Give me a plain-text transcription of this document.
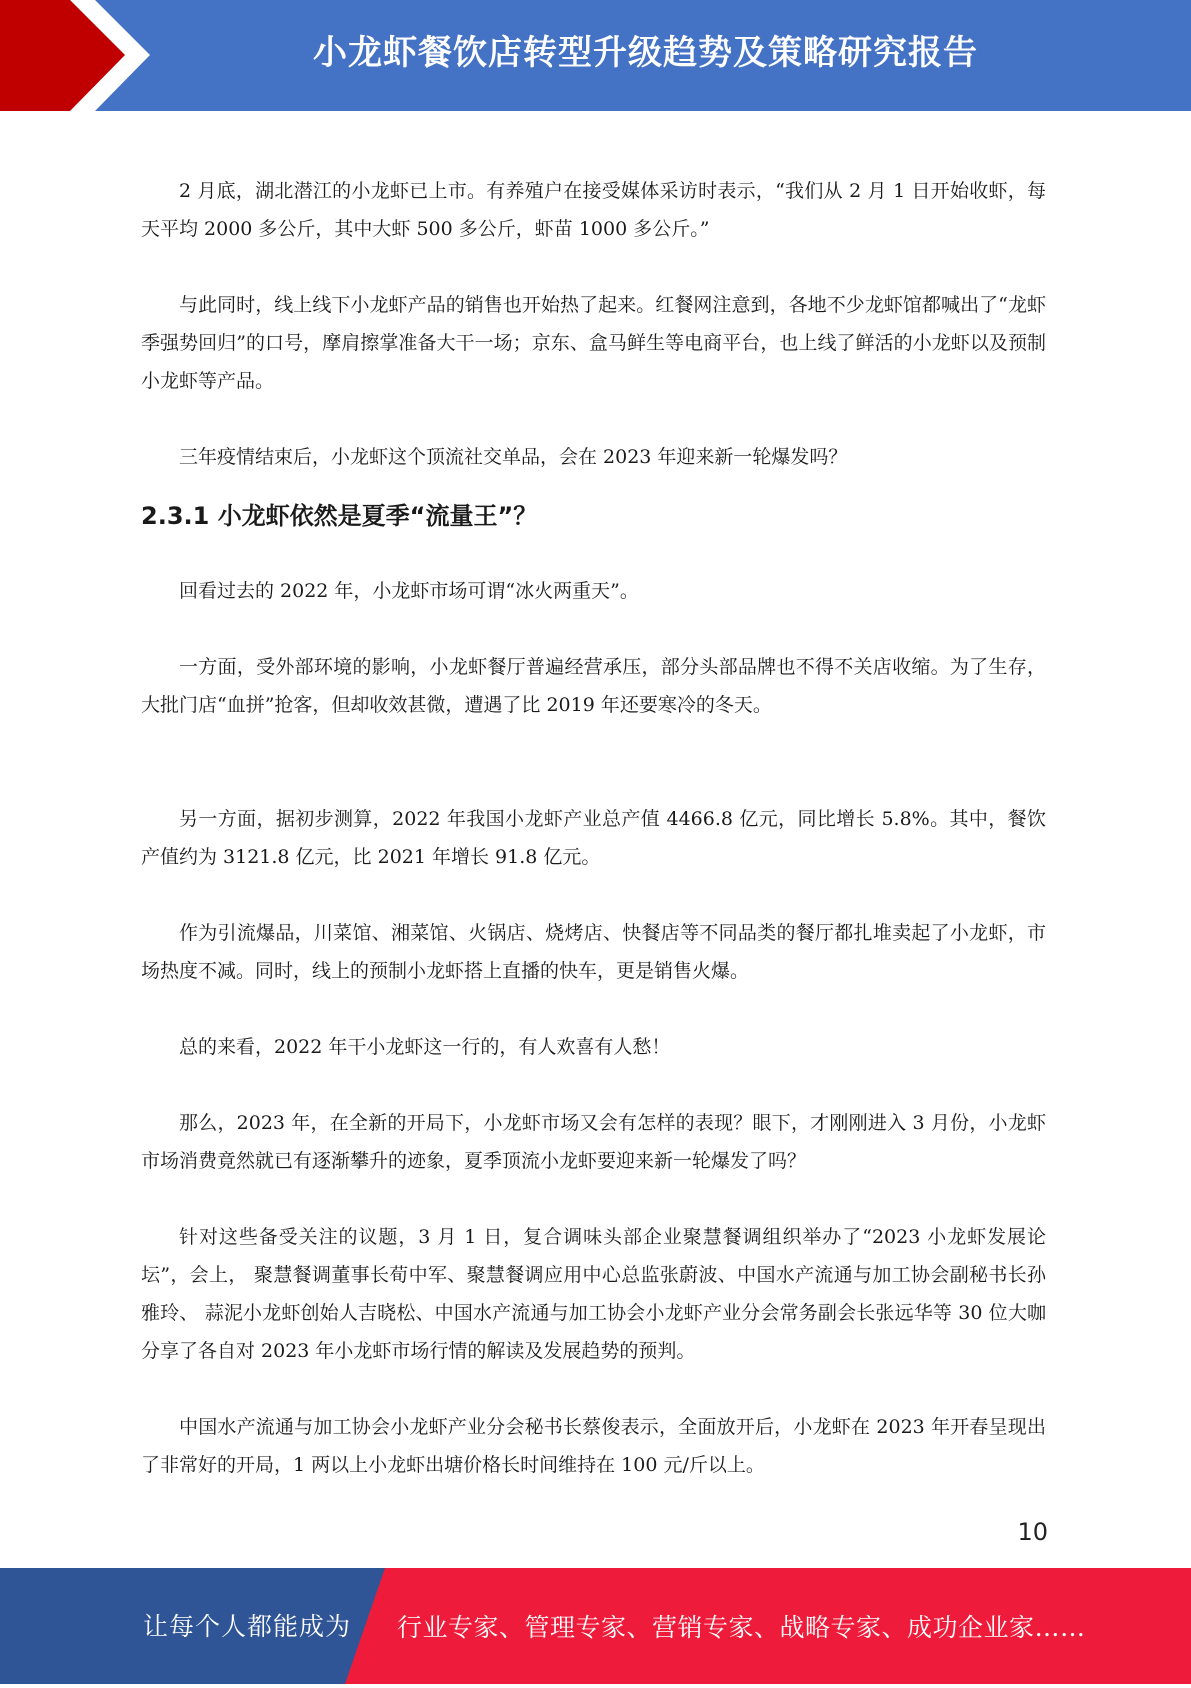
小龙虾餐饮店转型升级趋势及策略研究报告

2 月底，湖北潜江的小龙虾已上市。有养殖户在接受媒体采访时表示，“我们从 2 月 1 日开始收虾，每天平均 2000 多公斤，其中大虾 500 多公斤，虾苗 1000 多公斤。”

与此同时，线上线下小龙虾产品的销售也开始热了起来。红餐网注意到，各地不少龙虾馆都喊出了“龙虾季强势回归”的口号，摩肩擦掌准备大干一场；京东、盒马鲜生等电商平台，也上线了鲜活的小龙虾以及预制小龙虾等产品。

三年疫情结束后，小龙虾这个顶流社交单品，会在 2023 年迎来新一轮爆发吗？

2.3.1 小龙虾依然是夏季“流量王”？

回看过去的 2022 年，小龙虾市场可谓“冰火两重天”。

一方面，受外部环境的影响，小龙虾餐厅普遍经营承压，部分头部品牌也不得不关店收缩。为了生存，大批门店“血拼”抢客，但却收效甚微，遭遇了比 2019 年还要寒冷的冬天。

另一方面，据初步测算，2022 年我国小龙虾产业总产值 4466.8 亿元，同比增长 5.8%。其中，餐饮产值约为 3121.8 亿元，比 2021 年增长 91.8 亿元。

作为引流爆品，川菜馆、湘菜馆、火锅店、烧烤店、快餐店等不同品类的餐厅都扎堆卖起了小龙虾，市场热度不减。同时，线上的预制小龙虾搭上直播的快车，更是销售火爆。

总的来看，2022 年干小龙虾这一行的，有人欢喜有人愁！

那么，2023 年，在全新的开局下，小龙虾市场又会有怎样的表现？眼下，才刚刚进入 3 月份，小龙虾市场消费竟然就已有逐渐攀升的迹象，夏季顶流小龙虾要迎来新一轮爆发了吗？

针对这些备受关注的议题，3 月 1 日，复合调味头部企业聚慧餐调组织举办了“2023 小龙虾发展论坛”，会上， 聚慧餐调董事长荀中军、聚慧餐调应用中心总监张蔚波、中国水产流通与加工协会副秘书长孙雅玲、 蒜泥小龙虾创始人吉晓松、中国水产流通与加工协会小龙虾产业分会常务副会长张远华等 30 位大咖分享了各自对 2023 年小龙虾市场行情的解读及发展趋势的预判。

中国水产流通与加工协会小龙虾产业分会秘书长蔡俊表示，全面放开后，小龙虾在 2023 年开春呈现出了非常好的开局，1 两以上小龙虾出塘价格长时间维持在 100 元/斤以上。

10
让每个人都能成为 行业专家、管理专家、营销专家、战略专家、成功企业家……
